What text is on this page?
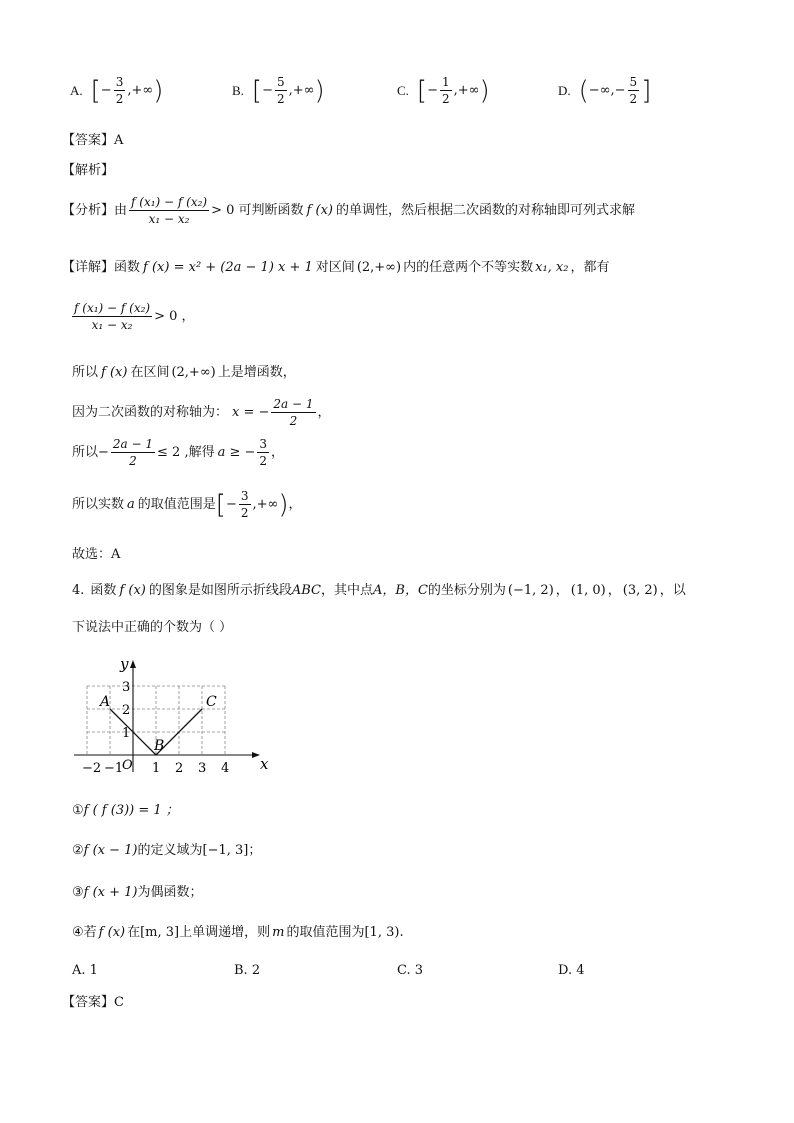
A. [ − $\frac{3}{2}$ ,+∞ )	B. [ − $\frac{5}{2}$ ,+∞ )	C. [ − $\frac{1}{2}$ ,+∞ )	D. ( −∞,− $\frac{5}{2}$ ]
【答案】A
【解析】
【分析】 由 $\frac{\text{f (x₁) − f (x₂)}}{\text{x₁ − x₂}} > 0$ 可判断函数 f (x) 的单调性，然后根据二次函数的对称轴即可列式求解
【详解】 函数 f (x) = x² + (2a − 1) x + 1 对区间 (2,+∞) 内的任意两个不等实数 x₁, x₂ ，都有
$\frac{\text{f (x₁) − f (x₂)}}{\text{x₁ − x₂}} > 0$ ，
所以 f (x) 在区间 (2,+∞) 上是增函数，
因为二次函数的对称轴为： x = − $\frac{2a - 1}{2}$ ，
所以− $\frac{2a - 1}{2} \le 2$ ,解得 a ≥ − $\frac{3}{2}$ ，
所以实数 a 的取值范围是 [ − $\frac{3}{2}$ ,+∞ ) ，
故选：A
4. 函数 f (x) 的图象是如图所示折线段 ABC ，其中点 A，B，C 的坐标分别为 (−1, 2) ， (1, 0) ， (3, 2) ，以
下说法中正确的个数为（ ）
x
y
O
−2 −1 1 2 3 4
1
2
3
A
B
C
①f ( f (3)) = 1 ；
② f (x − 1) 的定义域为 [−1, 3] ；
③ f (x + 1) 为偶函数；
④ 若 f (x) 在 [m, 3] 上单调递增，则 m 的取值范围为 [1, 3) .
A. 1	B. 2	C. 3	D. 4
【答案】C
